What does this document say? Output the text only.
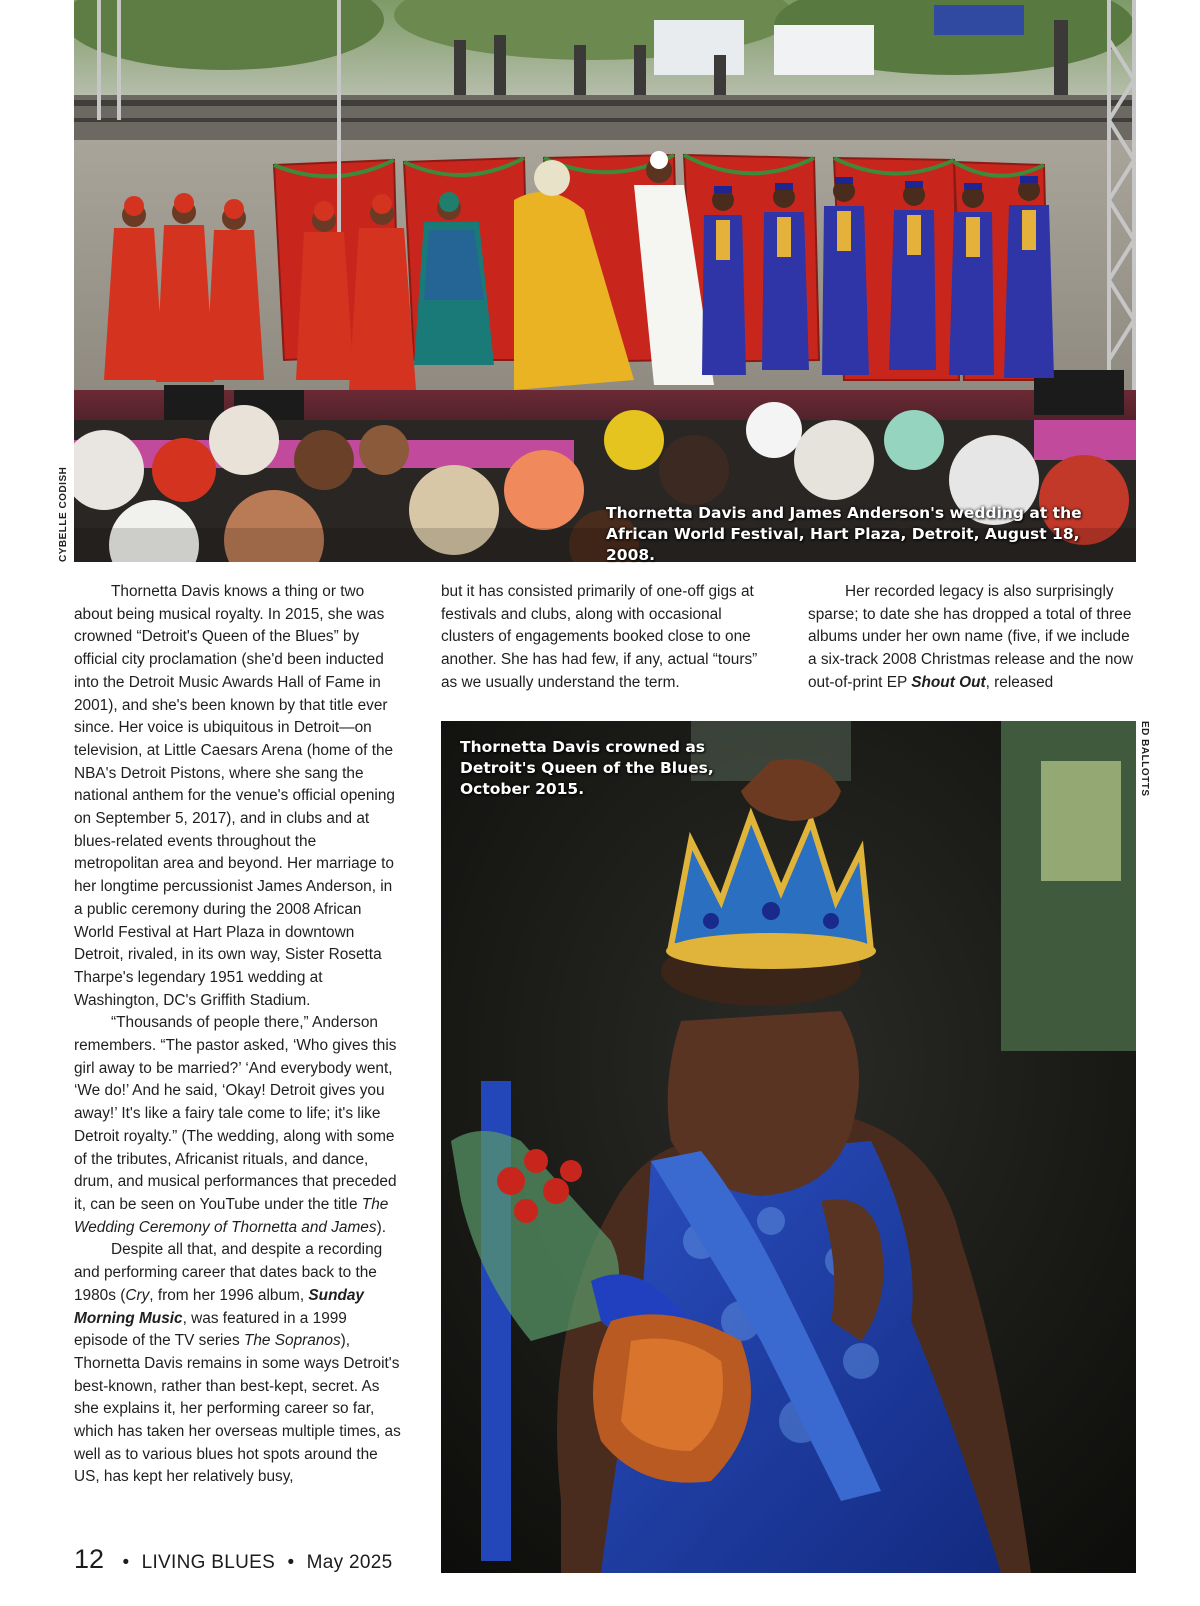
Thornetta Davis and James Anderson's wedding at the African World Festival, Hart Plaza, Detroit, August 18, 2008.
CYBELLE CODISH

Thornetta Davis knows a thing or two about being musical royalty. In 2015, she was crowned “Detroit's Queen of the Blues” by official city proclamation (she'd been inducted into the Detroit Music Awards Hall of Fame in 2001), and she's been known by that title ever since. Her voice is ubiquitous in Detroit—on television, at Little Caesars Arena (home of the NBA's Detroit Pistons, where she sang the national anthem for the venue's official opening on September 5, 2017), and in clubs and at blues-related events throughout the metropolitan area and beyond. Her marriage to her longtime percussionist James Anderson, in a public ceremony during the 2008 African World Festival at Hart Plaza in downtown Detroit, rivaled, in its own way, Sister Rosetta Tharpe's legendary 1951 wedding at Washington, DC's Griffith Stadium.

“Thousands of people there,” Anderson remembers. “The pastor asked, ‘Who gives this girl away to be married?’ ‘And everybody went, ‘We do!’ And he said, ‘Okay! Detroit gives you away!’ It's like a fairy tale come to life; it's like Detroit royalty.” (The wedding, along with some of the tributes, Africanist rituals, and dance, drum, and musical performances that preceded it, can be seen on YouTube under the title The Wedding Ceremony of Thornetta and James).

Despite all that, and despite a recording and performing career that dates back to the 1980s (Cry, from her 1996 album, Sunday Morning Music, was featured in a 1999 episode of the TV series The Sopranos), Thornetta Davis remains in some ways Detroit's best-known, rather than best-kept, secret. As she explains it, her performing career so far, which has taken her overseas multiple times, as well as to various blues hot spots around the US, has kept her relatively busy,

but it has consisted primarily of one-off gigs at festivals and clubs, along with occasional clusters of engagements booked close to one another. She has had few, if any, actual “tours” as we usually understand the term.

Her recorded legacy is also surprisingly sparse; to date she has dropped a total of three albums under her own name (five, if we include a six-track 2008 Christmas release and the now out-of-print EP Shout Out, released

Thornetta Davis crowned as Detroit's Queen of the Blues, October 2015.	ED BALLOTTS
12 • LIVING BLUES • May 2025
